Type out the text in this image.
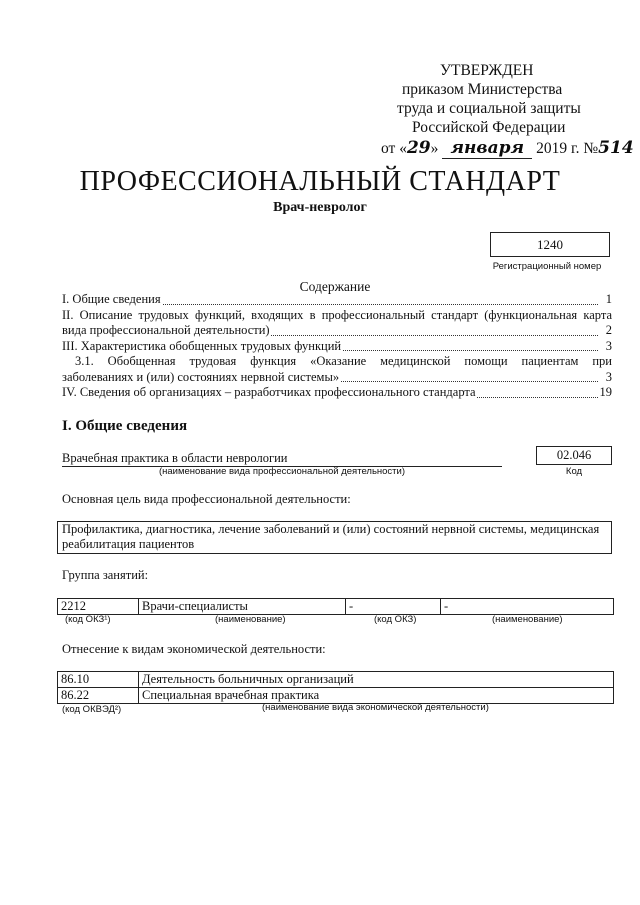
УТВЕРЖДЕН
приказом Министерства
труда и социальной защиты
Российской Федерации
от «29» января 2019 г. №514
ПРОФЕССИОНАЛЬНЫЙ СТАНДАРТ
Врач-невролог
1240
Регистрационный номер
Содержание
I. Общие сведения	1
II. Описание трудовых функций, входящих в профессиональный стандарт (функциональная карта
вида профессиональной деятельности)	2
III. Характеристика обобщенных трудовых функций	3
3.1. Обобщенная трудовая функция «Оказание медицинской помощи пациентам при
заболеваниях и (или) состояниях нервной системы»	3
IV. Сведения об организациях – разработчиках профессионального стандарта	19
I. Общие сведения
Врачебная практика в области неврологии
(наименование вида профессиональной деятельности)
02.046
Код
Основная цель вида профессиональной деятельности:
Профилактика, диагностика, лечение заболеваний и (или) состояний нервной системы, медицинская реабилитация пациентов
Группа занятий:
2212	Врачи-специалисты	-	-
(код ОКЗ¹)	(наименование)	(код ОКЗ)	(наименование)
Отнесение к видам экономической деятельности:
86.10	Деятельность больничных организаций
86.22	Специальная врачебная практика
(код ОКВЭД²)	(наименование вида экономической деятельности)
